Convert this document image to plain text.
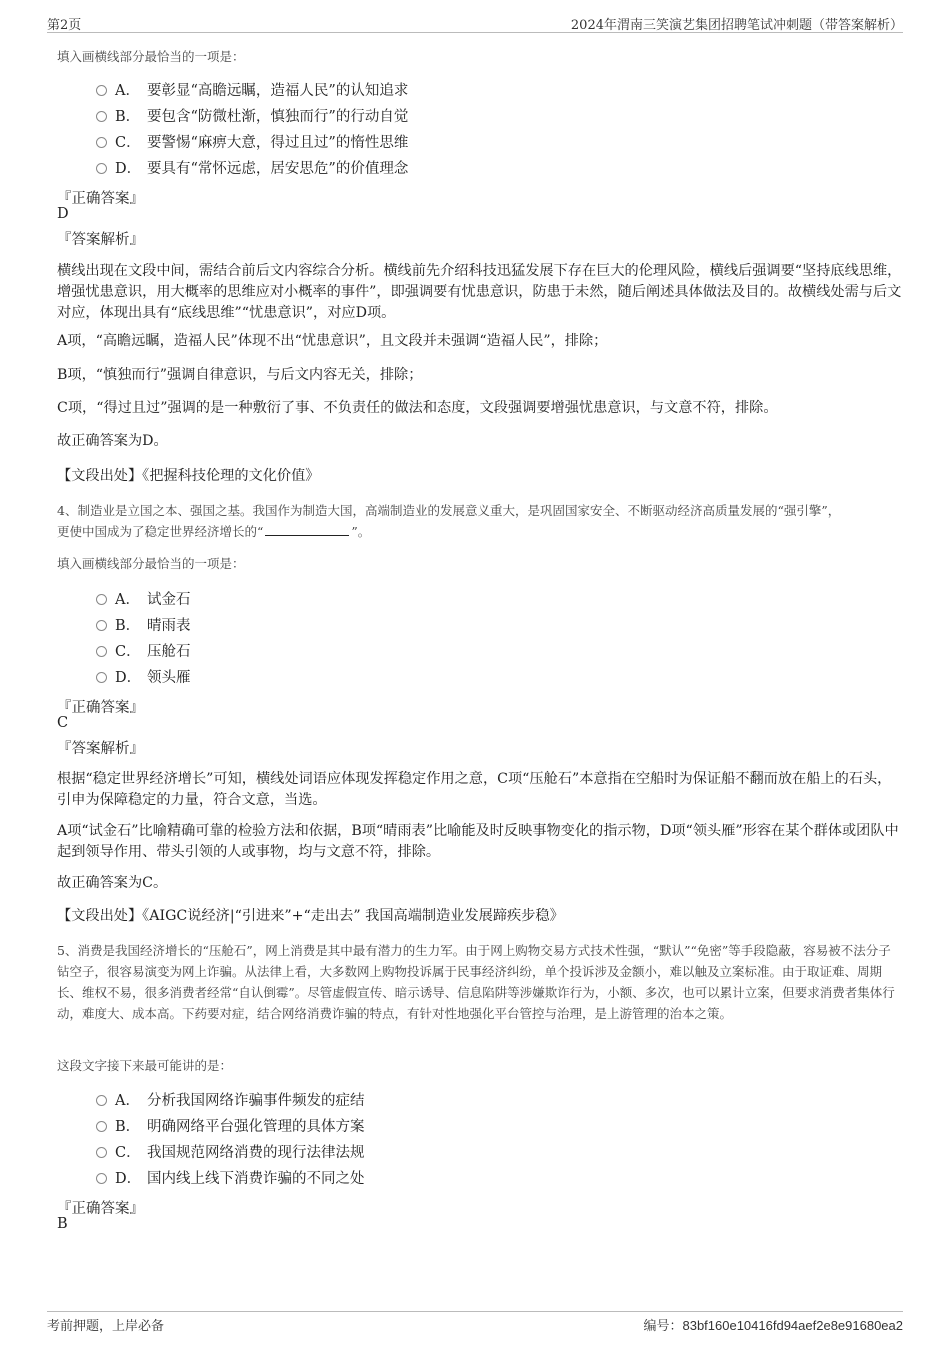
第2页	2024年渭南三笑演艺集团招聘笔试冲刺题（带答案解析）
填入画横线部分最恰当的一项是：
A． 要彰显“高瞻远瞩，造福人民”的认知追求
B． 要包含“防微杜渐，慎独而行”的行动自觉
C． 要警惕“麻痹大意，得过且过”的惰性思维
D． 要具有“常怀远虑，居安思危”的价值理念
『正确答案』
D
『答案解析』
横线出现在文段中间，需结合前后文内容综合分析。横线前先介绍科技迅猛发展下存在巨大的伦理风险，横线后强调要“坚持底线思维，增强忧患意识，用大概率的思维应对小概率的事件”，即强调要有忧患意识，防患于未然，随后阐述具体做法及目的。故横线处需与后文对应，体现出具有“底线思维”“忧患意识”，对应D项。
A项，“高瞻远瞩，造福人民”体现不出“忧患意识”，且文段并未强调“造福人民”，排除；
B项，“慎独而行”强调自律意识，与后文内容无关，排除；
C项，“得过且过”强调的是一种敷衍了事、不负责任的做法和态度，文段强调要增强忧患意识，与文意不符，排除。
故正确答案为D。
【文段出处】《把握科技伦理的文化价值》
4、制造业是立国之本、强国之基。我国作为制造大国，高端制造业的发展意义重大，是巩固国家安全、不断驱动经济高质量发展的“强引擎”，
更使中国成为了稳定世界经济增长的“	”。
填入画横线部分最恰当的一项是：
A． 试金石
B． 晴雨表
C． 压舱石
D． 领头雁
『正确答案』
C
『答案解析』
根据“稳定世界经济增长”可知，横线处词语应体现发挥稳定作用之意，C项“压舱石”本意指在空船时为保证船不翻而放在船上的石头，引申为保障稳定的力量，符合文意，当选。
A项“试金石”比喻精确可靠的检验方法和依据，B项“晴雨表”比喻能及时反映事物变化的指示物，D项“领头雁”形容在某个群体或团队中起到领导作用、带头引领的人或事物，均与文意不符，排除。
故正确答案为C。
【文段出处】《AIGC说经济|“引进来”+“走出去” 我国高端制造业发展蹄疾步稳》
5、消费是我国经济增长的“压舱石”，网上消费是其中最有潜力的生力军。由于网上购物交易方式技术性强，“默认”“免密”等手段隐蔽，容易被不法分子钻空子，很容易演变为网上诈骗。从法律上看，大多数网上购物投诉属于民事经济纠纷，单个投诉涉及金额小，难以触及立案标准。由于取证难、周期长、维权不易，很多消费者经常“自认倒霉”。尽管虚假宣传、暗示诱导、信息陷阱等涉嫌欺诈行为，小额、多次，也可以累计立案，但要求消费者集体行动，难度大、成本高。下药要对症，结合网络消费诈骗的特点，有针对性地强化平台管控与治理，是上游管理的治本之策。
这段文字接下来最可能讲的是：
A． 分析我国网络诈骗事件频发的症结
B． 明确网络平台强化管理的具体方案
C． 我国规范网络消费的现行法律法规
D． 国内线上线下消费诈骗的不同之处
『正确答案』
B
考前押题，上岸必备	编号：83bf160e10416fd94aef2e8e91680ea2
